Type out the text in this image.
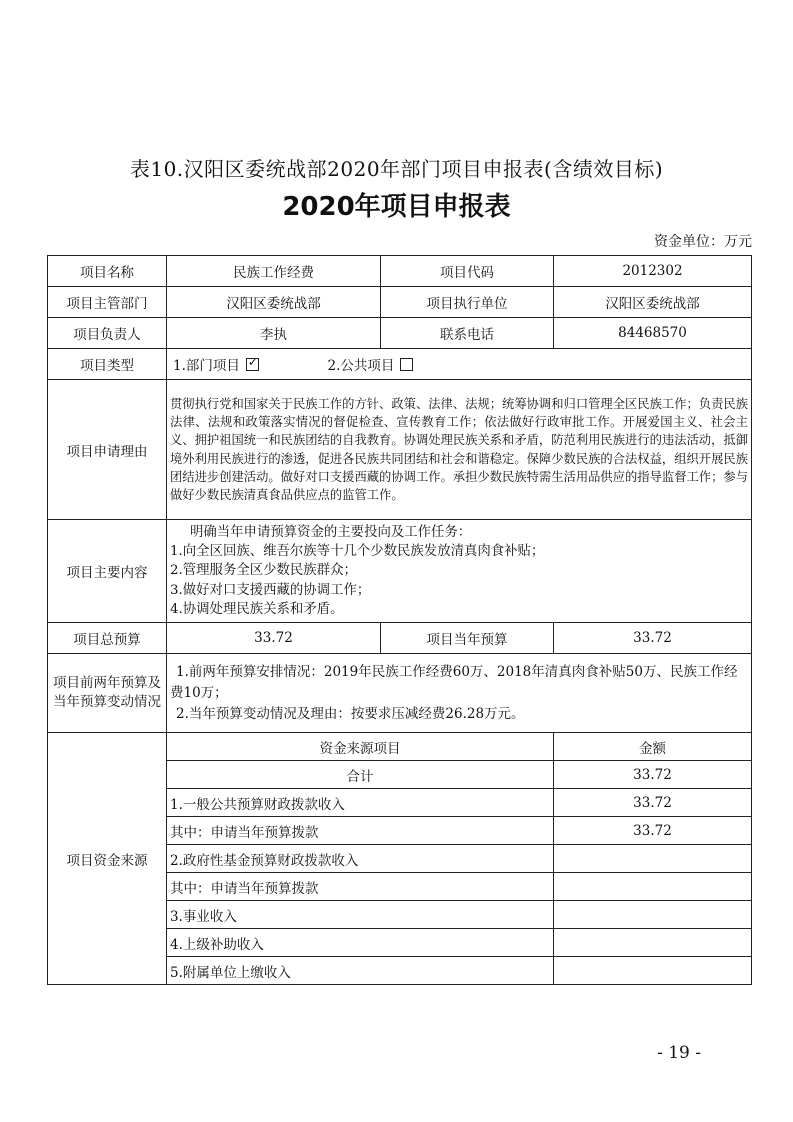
表10.汉阳区委统战部2020年部门项目申报表(含绩效目标)
2020年项目申报表
资金单位：万元
项目名称	民族工作经费	项目代码	2012302
项目主管部门	汉阳区委统战部	项目执行单位	汉阳区委统战部
项目负责人	李执	联系电话	84468570
项目类型	1.部门项目 ✓ 2.公共项目		
项目申请理由	贯彻执行党和国家关于民族工作的方针、政策、法律、法规；统筹协调和归口管理全区民族工作；负责民族法律、法规和政策落实情况的督促检查、宣传教育工作；依法做好行政审批工作。开展爱国主义、社会主义、拥护祖国统一和民族团结的自我教育。协调处理民族关系和矛盾，防范利用民族进行的违法活动，抵御境外利用民族进行的渗透，促进各民族共同团结和社会和谐稳定。保障少数民族的合法权益，组织开展民族团结进步创建活动。做好对口支援西藏的协调工作。承担少数民族特需生活用品供应的指导监督工作；参与做好少数民族清真食品供应点的监管工作。		
项目主要内容	明确当年申请预算资金的主要投向及工作任务：
1.向全区回族、维吾尔族等十几个少数民族发放清真肉食补贴；
2.管理服务全区少数民族群众；
3.做好对口支援西藏的协调工作；
4.协调处理民族关系和矛盾。		

项目总预算	33.72	项目当年预算	33.72
项目前两年预算及当年预算变动情况	1.前两年预算安排情况：2019年民族工作经费60万、2018年清真肉食补贴50万、民族工作经费10万；
2.当年预算变动情况及理由：按要求压减经费26.28万元。		

项目资金来源	资金来源项目		金额
	合计		33.72
	1.一般公共预算财政拨款收入		33.72
	其中：申请当年预算拨款		33.72
	2.政府性基金预算财政拨款收入		
	其中：申请当年预算拨款		
	3.事业收入		
	4.上级补助收入		
	5.附属单位上缴收入		
- 19 -
